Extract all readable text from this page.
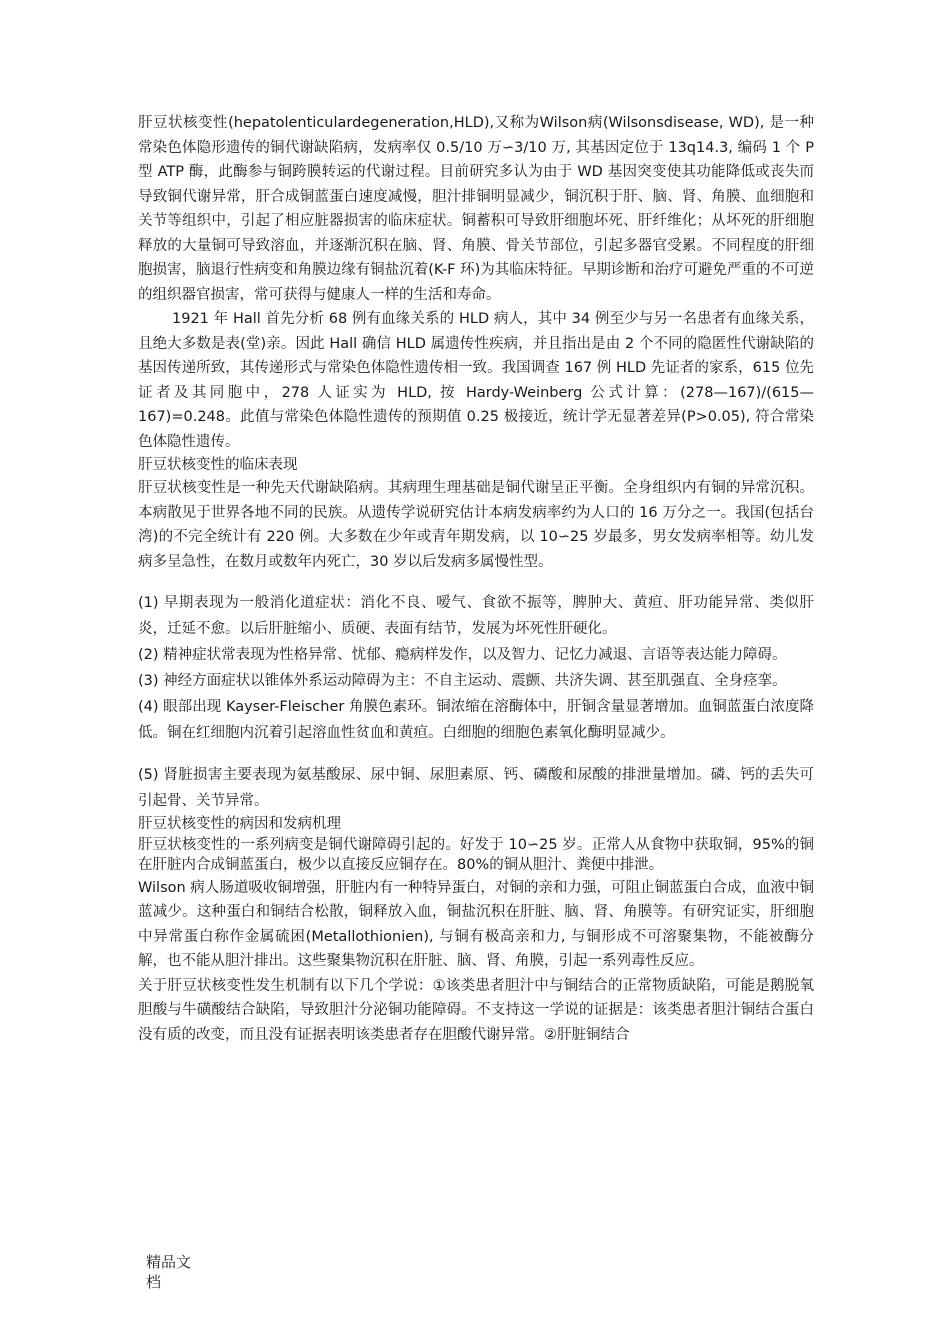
肝豆状核变性(hepatolenticulardegeneration,HLD),又称为Wilson病(Wilsonsdisease, WD), 是一种常染色体隐形遗传的铜代谢缺陷病，发病率仅 0.5/10 万∽3/10 万, 其基因定位于 13q14.3, 编码 1 个 P 型 ATP 酶，此酶参与铜跨膜转运的代谢过程。目前研究多认为由于 WD 基因突变使其功能降低或丧失而导致铜代谢异常，肝合成铜蓝蛋白速度减慢，胆汁排铜明显减少，铜沉积于肝、脑、肾、角膜、血细胞和关节等组织中，引起了相应脏器损害的临床症状。铜蓄积可导致肝细胞坏死、肝纤维化；从坏死的肝细胞释放的大量铜可导致溶血，并逐渐沉积在脑、肾、角膜、骨关节部位，引起多器官受累。不同程度的肝细胞损害，脑退行性病变和角膜边缘有铜盐沉着(K-F 环)为其临床特征。早期诊断和治疗可避免严重的不可逆的组织器官损害，常可获得与健康人一样的生活和寿命。

1921 年 Hall 首先分析 68 例有血缘关系的 HLD 病人，其中 34 例至少与另一名患者有血缘关系，且绝大多数是表(堂)亲。因此 Hall 确信 HLD 属遗传性疾病，并且指出是由 2 个不同的隐匿性代谢缺陷的基因传递所致，其传递形式与常染色体隐性遗传相一致。我国调查 167 例 HLD 先证者的家系，615 位先证者及其同胞中，278 人证实为 HLD, 按 Hardy-Weinberg 公式计算：(278—167)/(615—167)=0.248。此值与常染色体隐性遗传的预期值 0.25 极接近，统计学无显著差异(P>0.05), 符合常染色体隐性遗传。

肝豆状核变性的临床表现

肝豆状核变性是一种先天代谢缺陷病。其病理生理基础是铜代谢呈正平衡。全身组织内有铜的异常沉积。本病散见于世界各地不同的民族。从遗传学说研究估计本病发病率约为人口的 16 万分之一。我国(包括台湾)的不完全统计有 220 例。大多数在少年或青年期发病，以 10∽25 岁最多，男女发病率相等。幼儿发病多呈急性，在数月或数年内死亡，30 岁以后发病多属慢性型。

(1) 早期表现为一般消化道症状：消化不良、嗳气、食欲不振等，脾肿大、黄疸、肝功能异常、类似肝炎，迁延不愈。以后肝脏缩小、质硬、表面有结节，发展为坏死性肝硬化。

(2) 精神症状常表现为性格异常、忧郁、瘾病样发作，以及智力、记忆力减退、言语等表达能力障碍。

(3) 神经方面症状以锥体外系运动障碍为主：不自主运动、震颤、共济失调、甚至肌强直、全身痉挛。

(4) 眼部出现 Kayser-Fleischer 角膜色素环。铜浓缩在溶酶体中，肝铜含量显著增加。血铜蓝蛋白浓度降低。铜在红细胞内沉着引起溶血性贫血和黄疸。白细胞的细胞色素氧化酶明显减少。

(5) 肾脏损害主要表现为氨基酸尿、尿中铜、尿胆素原、钙、磷酸和尿酸的排泄量增加。磷、钙的丢失可引起骨、关节异常。

肝豆状核变性的病因和发病机理

肝豆状核变性的一系列病变是铜代谢障碍引起的。好发于 10∽25 岁。正常人从食物中获取铜，95%的铜在肝脏内合成铜蓝蛋白，极少以直接反应铜存在。80%的铜从胆汁、粪便中排泄。

Wilson 病人肠道吸收铜增强，肝脏内有一种特异蛋白，对铜的亲和力强，可阻止铜蓝蛋白合成，血液中铜蓝减少。这种蛋白和铜结合松散，铜释放入血，铜盐沉积在肝脏、脑、肾、角膜等。有研究证实，肝细胞中异常蛋白称作金属硫困(Metallothionien), 与铜有极高亲和力, 与铜形成不可溶聚集物，不能被酶分解，也不能从胆汁排出。这些聚集物沉积在肝脏、脑、肾、角膜，引起一系列毒性反应。

关于肝豆状核变性发生机制有以下几个学说：①该类患者胆汁中与铜结合的正常物质缺陷，可能是鹅脱氧胆酸与牛磺酸结合缺陷，导致胆汁分泌铜功能障碍。不支持这一学说的证据是：该类患者胆汁铜结合蛋白没有质的改变，而且没有证据表明该类患者存在胆酸代谢异常。②肝脏铜结合

精品文
档
